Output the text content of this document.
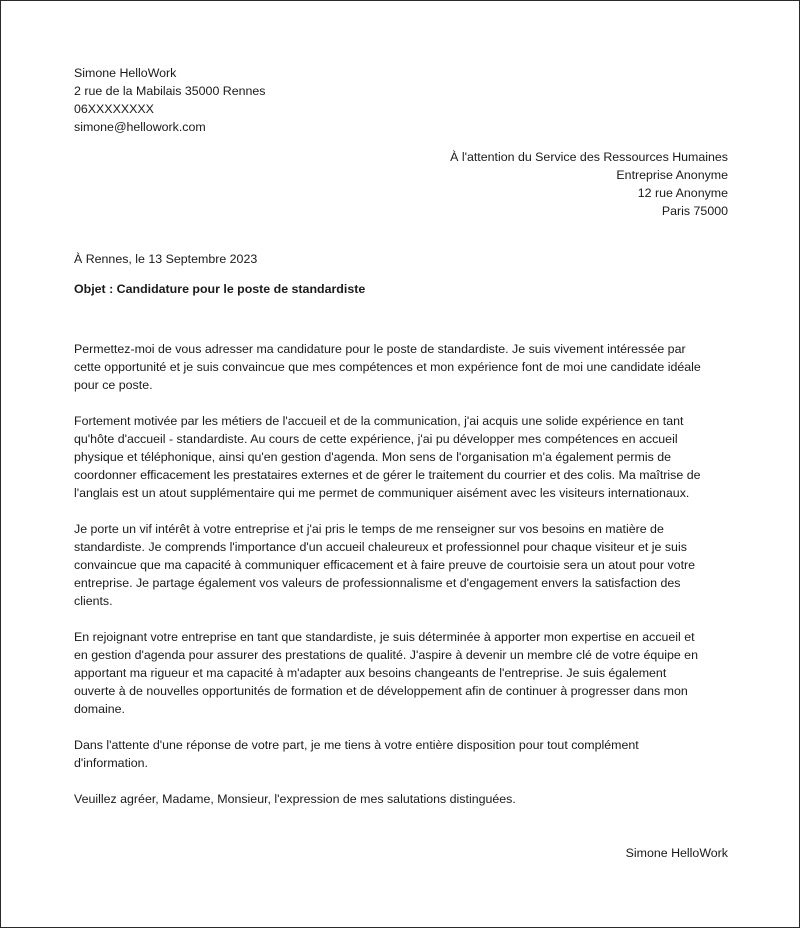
Simone HelloWork
2 rue de la Mabilais 35000 Rennes
06XXXXXXXX
simone@hellowork.com
À l'attention du Service des Ressources Humaines
Entreprise Anonyme
12 rue Anonyme
Paris 75000
À Rennes, le 13 Septembre 2023
Objet : Candidature pour le poste de standardiste

Permettez-moi de vous adresser ma candidature pour le poste de standardiste. Je suis vivement intéressée par
cette opportunité et je suis convaincue que mes compétences et mon expérience font de moi une candidate idéale
pour ce poste.

Fortement motivée par les métiers de l'accueil et de la communication, j'ai acquis une solide expérience en tant
qu'hôte d'accueil - standardiste. Au cours de cette expérience, j'ai pu développer mes compétences en accueil
physique et téléphonique, ainsi qu'en gestion d'agenda. Mon sens de l'organisation m'a également permis de
coordonner efficacement les prestataires externes et de gérer le traitement du courrier et des colis. Ma maîtrise de
l'anglais est un atout supplémentaire qui me permet de communiquer aisément avec les visiteurs internationaux.

Je porte un vif intérêt à votre entreprise et j'ai pris le temps de me renseigner sur vos besoins en matière de
standardiste. Je comprends l'importance d'un accueil chaleureux et professionnel pour chaque visiteur et je suis
convaincue que ma capacité à communiquer efficacement et à faire preuve de courtoisie sera un atout pour votre
entreprise. Je partage également vos valeurs de professionnalisme et d'engagement envers la satisfaction des
clients.

En rejoignant votre entreprise en tant que standardiste, je suis déterminée à apporter mon expertise en accueil et
en gestion d'agenda pour assurer des prestations de qualité. J'aspire à devenir un membre clé de votre équipe en
apportant ma rigueur et ma capacité à m'adapter aux besoins changeants de l'entreprise. Je suis également
ouverte à de nouvelles opportunités de formation et de développement afin de continuer à progresser dans mon
domaine.

Dans l'attente d'une réponse de votre part, je me tiens à votre entière disposition pour tout complément
d'information.

Veuillez agréer, Madame, Monsieur, l'expression de mes salutations distinguées.

Simone HelloWork
